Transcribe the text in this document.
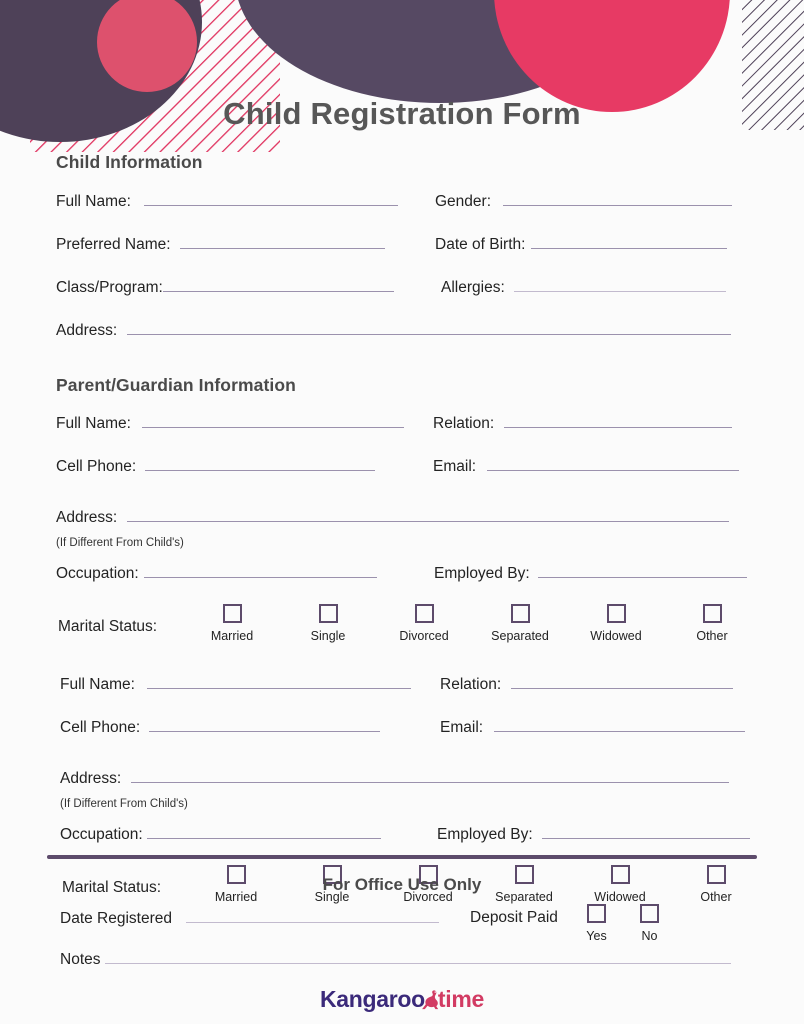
Child Registration Form
Child Information
Full Name:	Gender:
Preferred Name:	Date of Birth:
Class/Program:	Allergies:
Address:
Parent/Guardian Information
Full Name:	Relation:
Cell Phone:	Email:
Address:
(If Different From Child's)
Occupation:	Employed By:
Marital Status:
Married	Single	Divorced	Separated	Widowed	Other
Full Name:	Relation:
Cell Phone:	Email:
Address:
(If Different From Child's)
Occupation:	Employed By:
Marital Status:
Married	Single	Divorced	Separated	Widowed	Other
For Office Use Only
Date Registered	Deposit Paid
Yes	No
Notes
Kangaroo time
